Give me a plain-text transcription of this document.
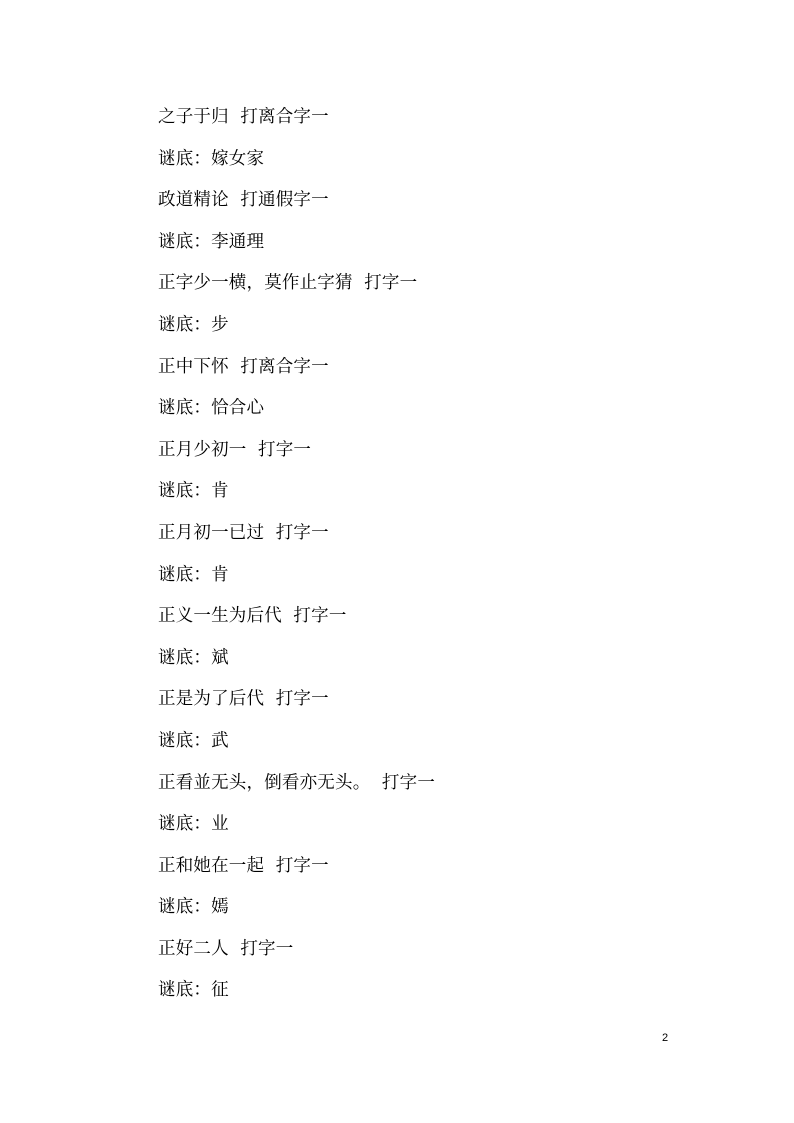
之子于归  打离合字一
谜底：嫁女家
政道精论  打通假字一
谜底：李通理
正字少一横，莫作止字猜  打字一
谜底：步
正中下怀  打离合字一
谜底：恰合心
正月少初一  打字一
谜底：肯
正月初一已过  打字一
谜底：肯
正义一生为后代  打字一
谜底：斌
正是为了后代  打字一
谜底：武
正看並无头，倒看亦无头。  打字一
谜底：业
正和她在一起  打字一
谜底：嫣
正好二人  打字一
谜底：征
2
